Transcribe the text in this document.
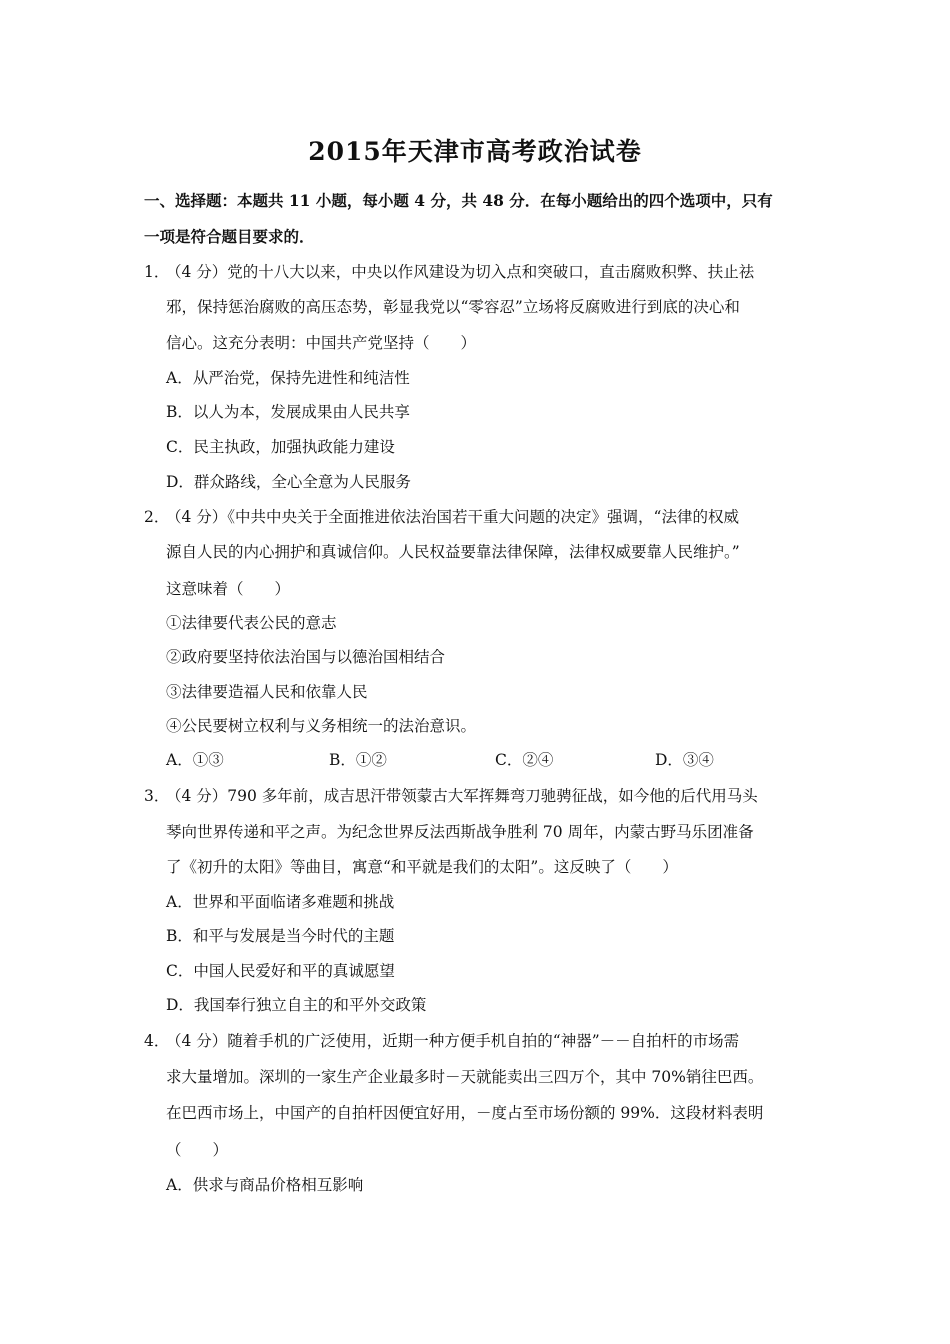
2015年天津市高考政治试卷
一、选择题：本题共 11 小题，每小题 4 分，共 48 分．在每小题给出的四个选项中，只有
一项是符合题目要求的．
1．
（4 分）党的十八大以来，中央以作风建设为切入点和突破口，直击腐败积弊、扶止祛
邪，保持惩治腐败的高压态势，彰显我党以“零容忍”立场将反腐败进行到底的决心和
信心。这充分表明：中国共产党坚持（　　）
A．从严治党，保持先进性和纯洁性
B．以人为本，发展成果由人民共享
C．民主执政，加强执政能力建设
D．群众路线，全心全意为人民服务
2．
（4 分）《中共中央关于全面推进依法治国若干重大问题的决定》强调，“法律的权威
源自人民的内心拥护和真诚信仰。人民权益要靠法律保障，法律权威要靠人民维护。”
这意味着（　　）
①法律要代表公民的意志
②政府要坚持依法治国与以德治国相结合
③法律要造福人民和依靠人民
④公民要树立权利与义务相统一的法治意识。
A．①③	B．①②	C．②④	D．③④
3．
（4 分）790 多年前，成吉思汗带领蒙古大军挥舞弯刀驰骋征战，如今他的后代用马头
琴向世界传递和平之声。为纪念世界反法西斯战争胜利 70 周年，内蒙古野马乐团准备
了《初升的太阳》等曲目，寓意“和平就是我们的太阳”。这反映了（　　）
A．世界和平面临诸多难题和挑战
B．和平与发展是当今时代的主题
C．中国人民爱好和平的真诚愿望
D．我国奉行独立自主的和平外交政策
4．
（4 分）随着手机的广泛使用，近期一种方便手机自拍的“神器”－－自拍杆的市场需
求大量增加。深圳的一家生产企业最多时－天就能卖出三四万个，其中 70%销往巴西。
在巴西市场上，中国产的自拍杆因便宜好用，－度占至市场份额的 99%．这段材料表明
（　　）
A．供求与商品价格相互影响
